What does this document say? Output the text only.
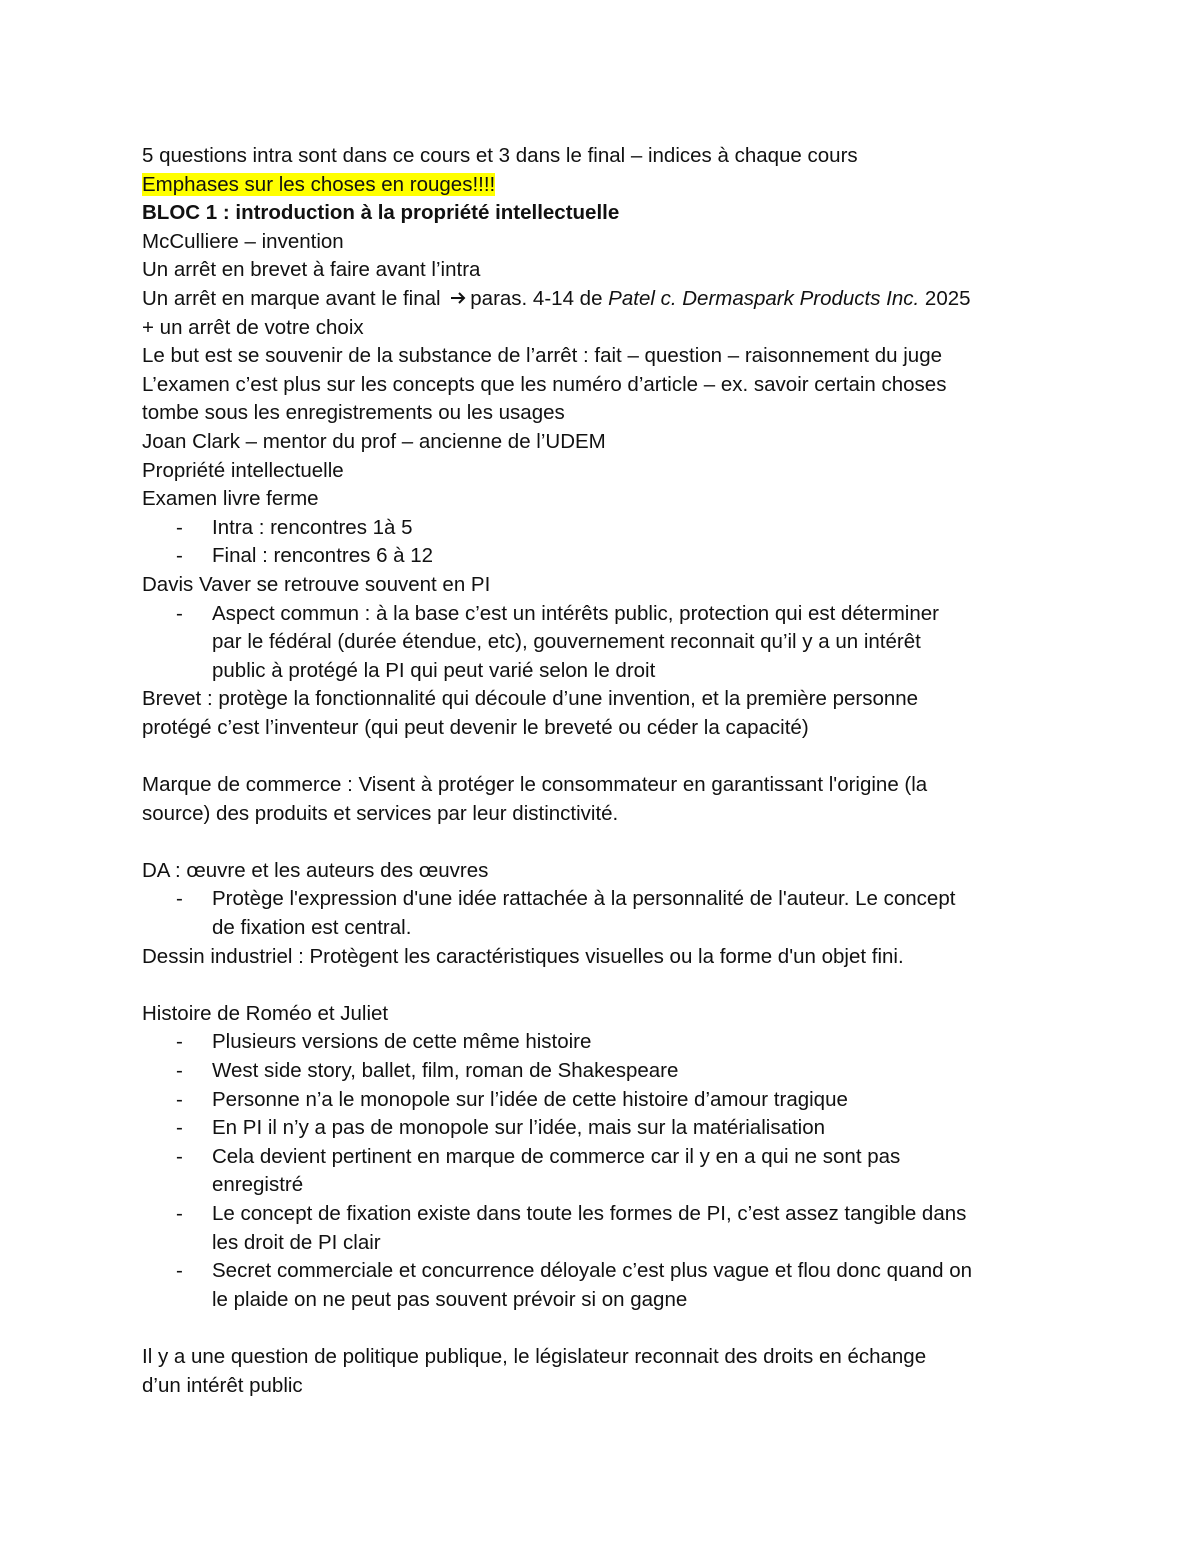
5 questions intra sont dans ce cours et 3 dans le final – indices à chaque cours
Emphases sur les choses en rouges!!!!
BLOC 1 : introduction à la propriété intellectuelle
McCulliere – invention
Un arrêt en brevet à faire avant l’intra
Un arrêt en marque avant le final paras. 4-14 de Patel c. Dermaspark Products Inc. 2025
+ un arrêt de votre choix
Le but est se souvenir de la substance de l’arrêt : fait – question – raisonnement du juge
L’examen c’est plus sur les concepts que les numéro d’article – ex. savoir certain choses
tombe sous les enregistrements ou les usages
Joan Clark – mentor du prof – ancienne de l’UDEM
Propriété intellectuelle
Examen livre ferme
- Intra : rencontres 1à 5
- Final : rencontres 6 à 12
Davis Vaver se retrouve souvent en PI
- Aspect commun : à la base c’est un intérêts public, protection qui est déterminer
par le fédéral (durée étendue, etc), gouvernement reconnait qu’il y a un intérêt
public à protégé la PI qui peut varié selon le droit
Brevet : protège la fonctionnalité qui découle d’une invention, et la première personne
protégé c’est l’inventeur (qui peut devenir le breveté ou céder la capacité)
Marque de commerce : Visent à protéger le consommateur en garantissant l'origine (la
source) des produits et services par leur distinctivité.
DA : œuvre et les auteurs des œuvres
- Protège l'expression d'une idée rattachée à la personnalité de l'auteur. Le concept
de fixation est central.
Dessin industriel : Protègent les caractéristiques visuelles ou la forme d'un objet fini.
Histoire de Roméo et Juliet
- Plusieurs versions de cette même histoire
- West side story, ballet, film, roman de Shakespeare
- Personne n’a le monopole sur l’idée de cette histoire d’amour tragique
- En PI il n’y a pas de monopole sur l’idée, mais sur la matérialisation
- Cela devient pertinent en marque de commerce car il y en a qui ne sont pas
enregistré
- Le concept de fixation existe dans toute les formes de PI, c’est assez tangible dans
les droit de PI clair
- Secret commerciale et concurrence déloyale c’est plus vague et flou donc quand on
le plaide on ne peut pas souvent prévoir si on gagne
Il y a une question de politique publique, le législateur reconnait des droits en échange
d’un intérêt public
